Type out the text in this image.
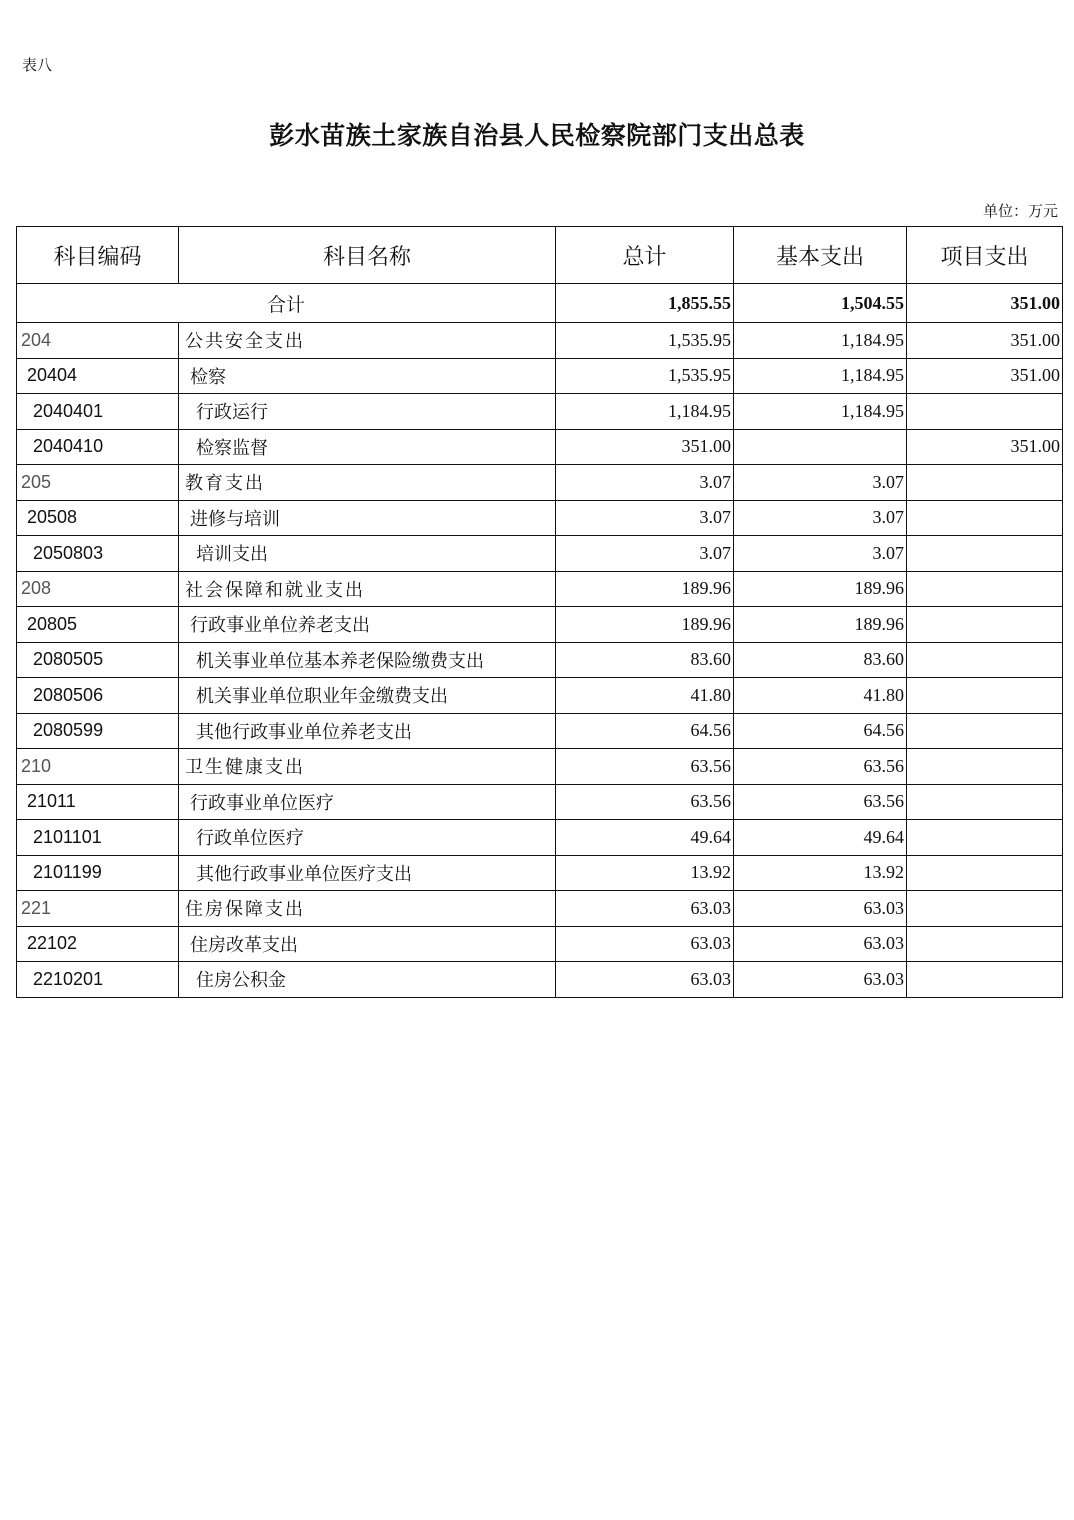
表八
彭水苗族土家族自治县人民检察院部门支出总表
单位：万元
科目编码	科目名称	总计	基本支出	项目支出
合计		1,855.55	1,504.55	351.00
204	公共安全支出	1,535.95	1,184.95	351.00
20404	检察	1,535.95	1,184.95	351.00
2040401	行政运行	1,184.95	1,184.95	
2040410	检察监督	351.00		351.00
205	教育支出	3.07	3.07	
20508	进修与培训	3.07	3.07	
2050803	培训支出	3.07	3.07	
208	社会保障和就业支出	189.96	189.96	
20805	行政事业单位养老支出	189.96	189.96	
2080505	机关事业单位基本养老保险缴费支出	83.60	83.60	
2080506	机关事业单位职业年金缴费支出	41.80	41.80	
2080599	其他行政事业单位养老支出	64.56	64.56	
210	卫生健康支出	63.56	63.56	
21011	行政事业单位医疗	63.56	63.56	
2101101	行政单位医疗	49.64	49.64	
2101199	其他行政事业单位医疗支出	13.92	13.92	
221	住房保障支出	63.03	63.03	
22102	住房改革支出	63.03	63.03	
2210201	住房公积金	63.03	63.03	
